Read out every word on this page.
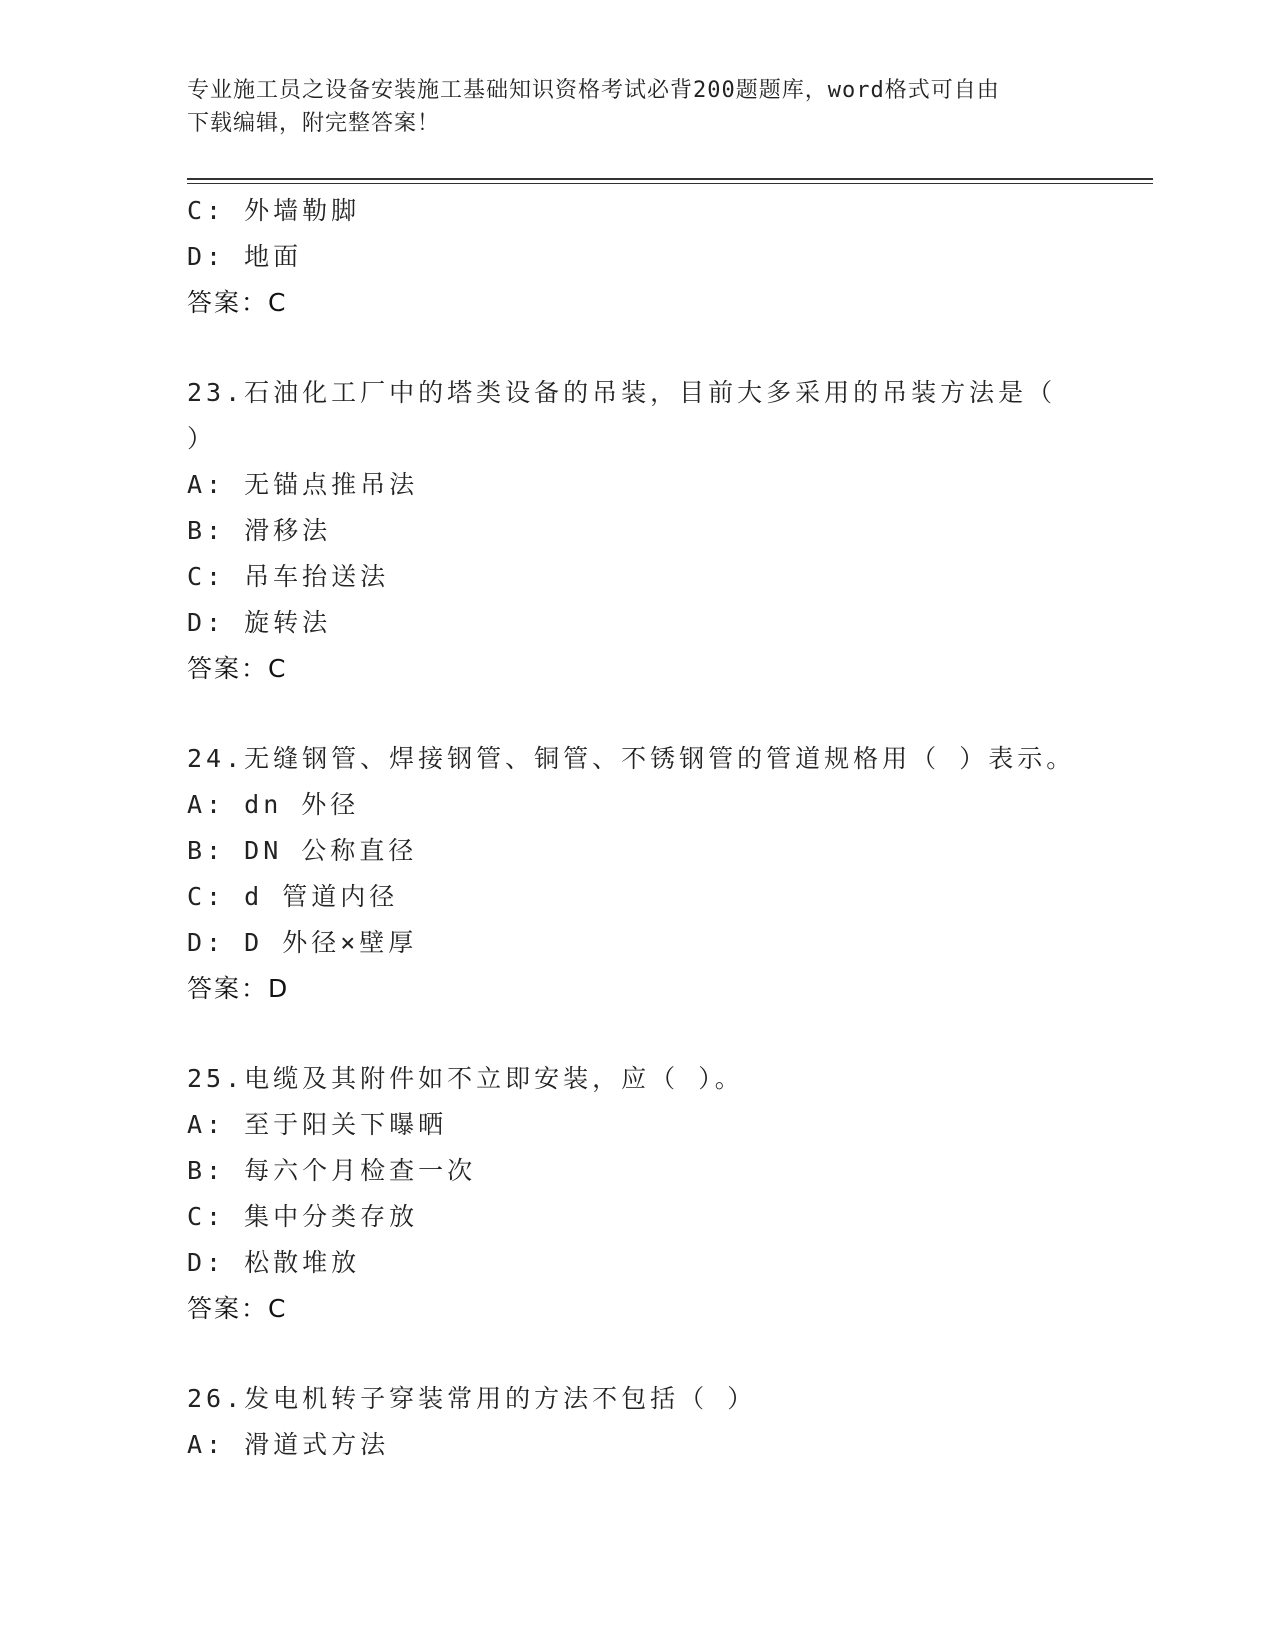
专业施工员之设备安装施工基础知识资格考试必背200题题库，word格式可自由
下载编辑，附完整答案！
C: 外墙勒脚
D: 地面
答案：C
23.石油化工厂中的塔类设备的吊装，目前大多采用的吊装方法是（
）
A: 无锚点推吊法
B: 滑移法
C: 吊车抬送法
D: 旋转法
答案：C
24.无缝钢管、焊接钢管、铜管、不锈钢管的管道规格用（ ）表示。
A: dn 外径
B: DN 公称直径
C: d 管道内径
D: D 外径×壁厚
答案：D
25.电缆及其附件如不立即安装，应（ ）。
A: 至于阳关下曝晒
B: 每六个月检查一次
C: 集中分类存放
D: 松散堆放
答案：C
26.发电机转子穿装常用的方法不包括（ ）
A: 滑道式方法
